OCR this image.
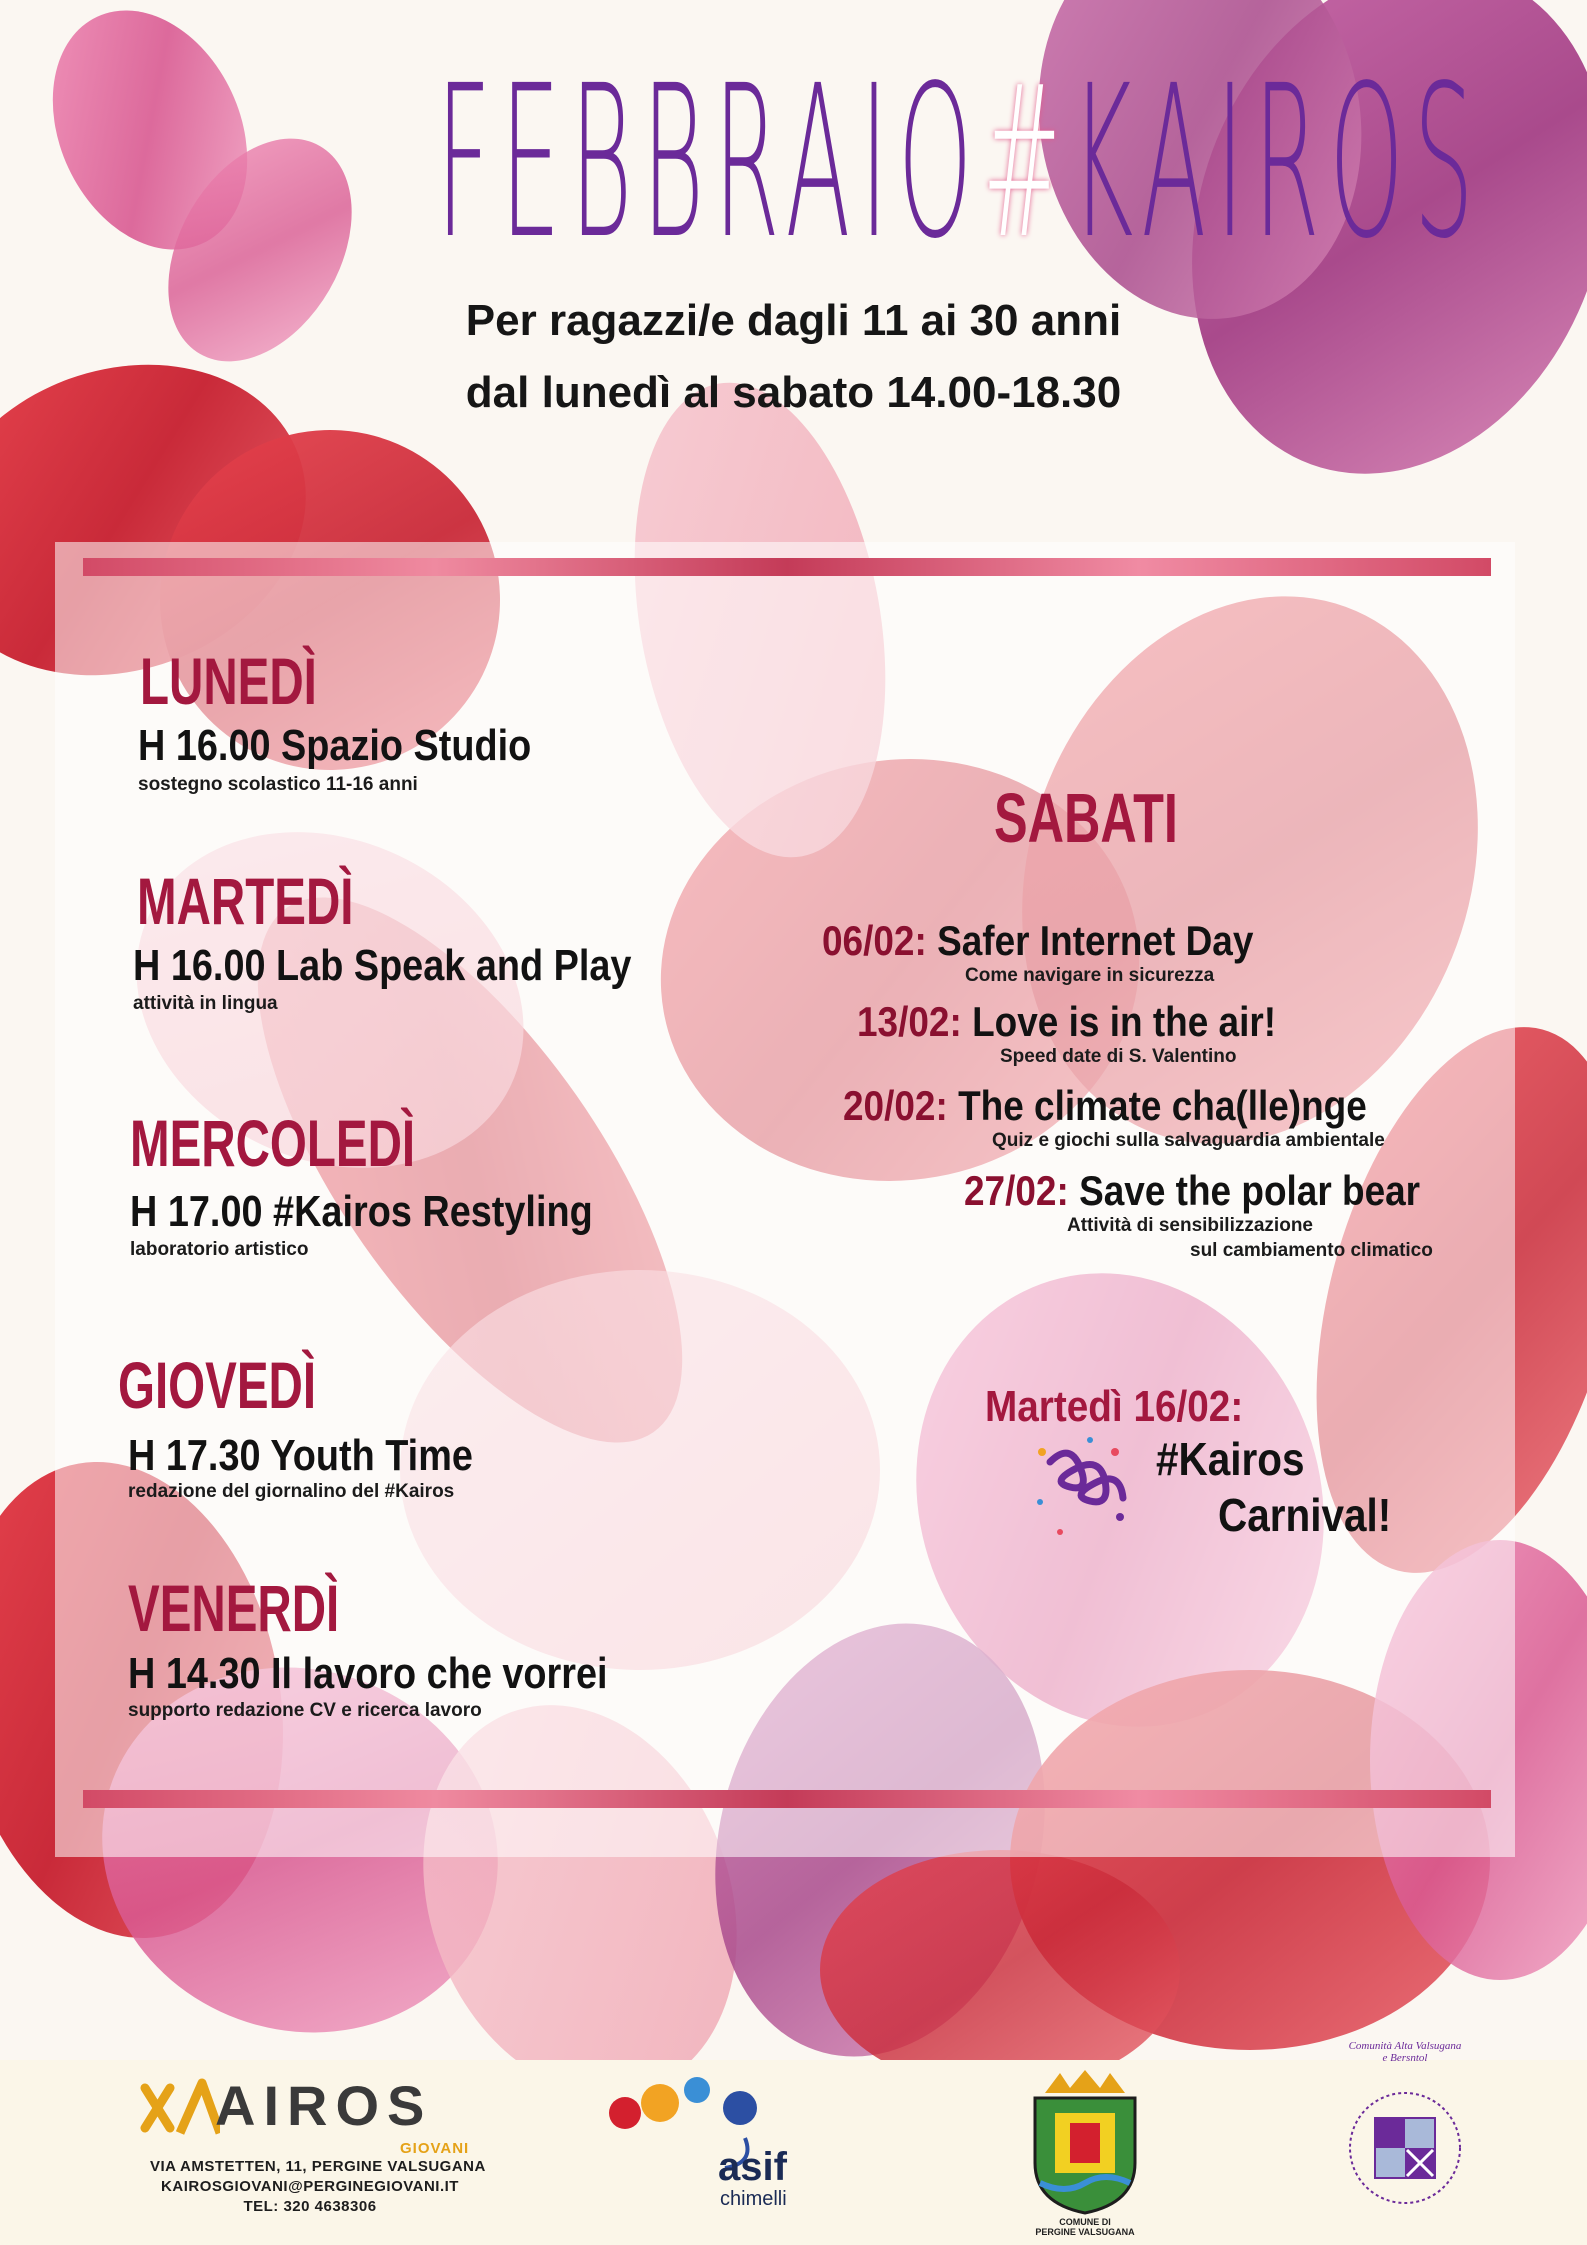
FEBBRAIO#KAIROS
Per ragazzi/e dagli 11 ai 30 anni
dal lunedì al sabato 14.00-18.30
LUNEDÌ
H 16.00 Spazio Studio
sostegno scolastico 11-16 anni
MARTEDÌ
H 16.00 Lab Speak and Play
attività in lingua
MERCOLEDÌ
H 17.00 #Kairos Restyling
laboratorio artistico
GIOVEDÌ
H 17.30 Youth Time
redazione del giornalino del #Kairos
VENERDÌ
H 14.30 Il lavoro che vorrei
supporto redazione CV e ricerca lavoro
SABATI
06/02: Safer Internet Day
Come navigare in sicurezza
13/02: Love is in the air!
Speed date di S. Valentino
20/02: The climate cha(lle)nge
Quiz e giochi sulla salvaguardia ambientale
27/02: Save the polar bear
Attività di sensibilizzazione
sul cambiamento climatico
Martedì 16/02:
#Kairos
Carnival!
AIROS
GIOVANI
VIA AMSTETTEN, 11, PERGINE VALSUGANA
KAIROSGIOVANI@PERGINEGIOVANI.IT
TEL: 320 4638306
asif
chimelli
COMUNE DI
PERGINE VALSUGANA
Comunità Alta Valsugana e Bersntol
